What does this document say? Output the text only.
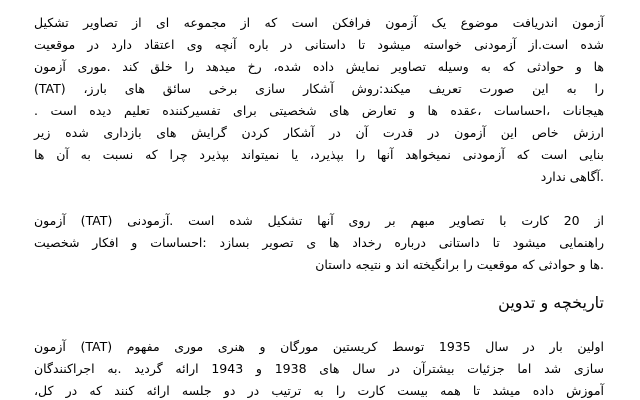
آزمون اندریافت موضوع یک آزمون فرافکن است که از مجموعه ای از تصاویر تشکیل
شده است.از آزمودنی خواسته میشود تا داستانی در باره آنچه وی اعتقاد دارد در موقعیت
ها و حوادثی که به وسیله تصاویر نمایش داده شده، رخ میدهد را خلق کند .موری آزمون
را به این صورت تعریف میکند:روش آشکار سازی برخی سائق های بارز، (TAT)
هیجانات ،احساسات ،عقده ها و تعارض های شخصیتی برای تفسیرکننده تعلیم دیده است .
ارزش خاص این آزمون در قدرت آن در آشکار کردن گرایش های بازداری شده زیر
بنایی است که آزمودنی نمیخواهد آنها را بپذیرد، یا نمیتواند بپذیرد چرا که نسبت به آن ها
.آگاهی ندارد
از 20 کارت با تصاویر مبهم بر روی آنها تشکیل شده است .آزمودنی (TAT) آزمون
راهنمایی میشود تا داستانی درباره رخداد ها ی تصویر بسازد :احساسات و افکار شخصیت
.ها و حوادثی که موقعیت را برانگیخته اند و نتیجه داستان
تاریخچه و تدوین
اولین بار در سال 1935 توسط کریستین مورگان و هنری موری مفهوم (TAT) آزمون
سازی شد اما جزئیات بیشترآن در سال های 1938 و 1943 ارائه گردید .به اجراکنندگان
آموزش داده میشد تا همه بیست کارت را به ترتیب در دو جلسه ارائه کنند که در کل،
